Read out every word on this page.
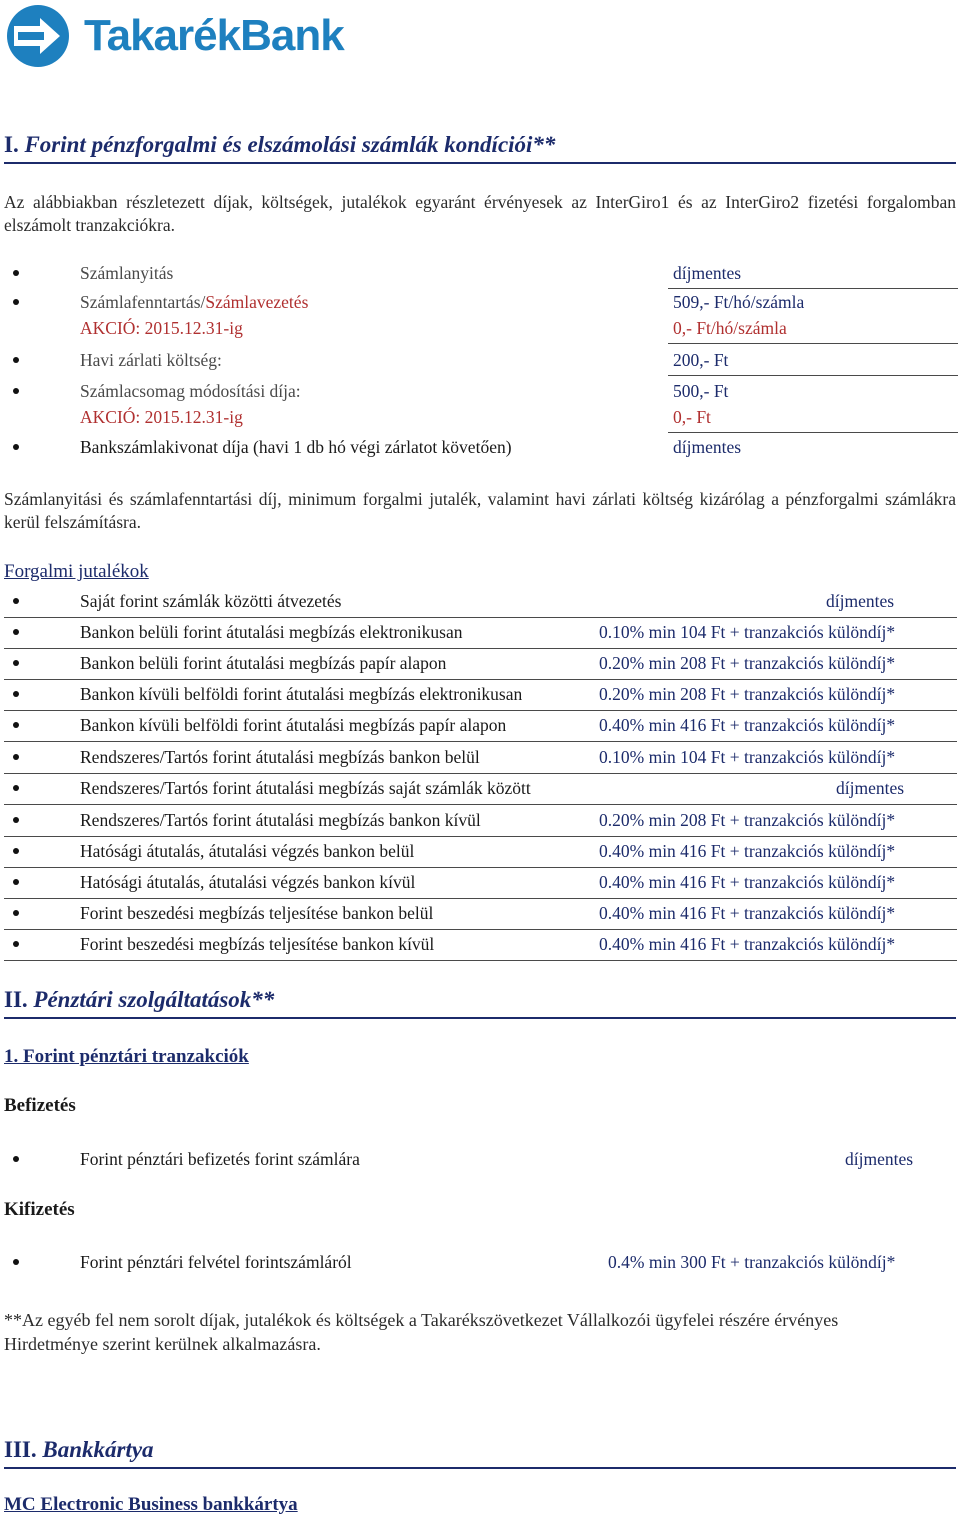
TakarékBank
I. Forint pénzforgalmi és elszámolási számlák kondíciói**
Az alábbiakban részletezett díjak, költségek, jutalékok egyaránt érvényesek az InterGiro1 és az InterGiro2 fizetési forgalomban elszámolt tranzakciókra.
Számlanyitás	díjmentes
Számlafenntartás/Számlavezetés	509,- Ft/hó/számla
AKCIÓ: 2015.12.31-ig	0,- Ft/hó/számla
Havi zárlati költség:	200,- Ft
Számlacsomag módosítási díja:	500,- Ft
AKCIÓ: 2015.12.31-ig	0,- Ft
Bankszámlakivonat díja (havi 1 db hó végi zárlatot követően)	díjmentes
Számlanyitási és számlafenntartási díj, minimum forgalmi jutalék, valamint havi zárlati költség kizárólag a pénzforgalmi számlákra kerül felszámításra.
Forgalmi jutalékok
Saját forint számlák közötti átvezetés	díjmentes
Bankon belüli forint átutalási megbízás elektronikusan	0.10% min 104 Ft + tranzakciós különdíj*
Bankon belüli forint átutalási megbízás papír alapon	0.20% min 208 Ft + tranzakciós különdíj*
Bankon kívüli belföldi forint átutalási megbízás elektronikusan	0.20% min 208 Ft + tranzakciós különdíj*
Bankon kívüli belföldi forint átutalási megbízás papír alapon	0.40% min 416 Ft + tranzakciós különdíj*
Rendszeres/Tartós forint átutalási megbízás bankon belül	0.10% min 104 Ft + tranzakciós különdíj*
Rendszeres/Tartós forint átutalási megbízás saját számlák között	díjmentes
Rendszeres/Tartós forint átutalási megbízás bankon kívül	0.20% min 208 Ft + tranzakciós különdíj*
Hatósági átutalás, átutalási végzés bankon belül	0.40% min 416 Ft + tranzakciós különdíj*
Hatósági átutalás, átutalási végzés bankon kívül	0.40% min 416 Ft + tranzakciós különdíj*
Forint beszedési megbízás teljesítése bankon belül	0.40% min 416 Ft + tranzakciós különdíj*
Forint beszedési megbízás teljesítése bankon kívül	0.40% min 416 Ft + tranzakciós különdíj*
II. Pénztári szolgáltatások**
1. Forint pénztári tranzakciók
Befizetés
Forint pénztári befizetés forint számlára	díjmentes
Kifizetés
Forint pénztári felvétel forintszámláról	0.4% min 300 Ft + tranzakciós különdíj*
**Az egyéb fel nem sorolt díjak, jutalékok és költségek a Takarékszövetkezet Vállalkozói ügyfelei részére érvényes Hirdetménye szerint kerülnek alkalmazásra.
III. Bankkártya
MC Electronic Business bankkártya
